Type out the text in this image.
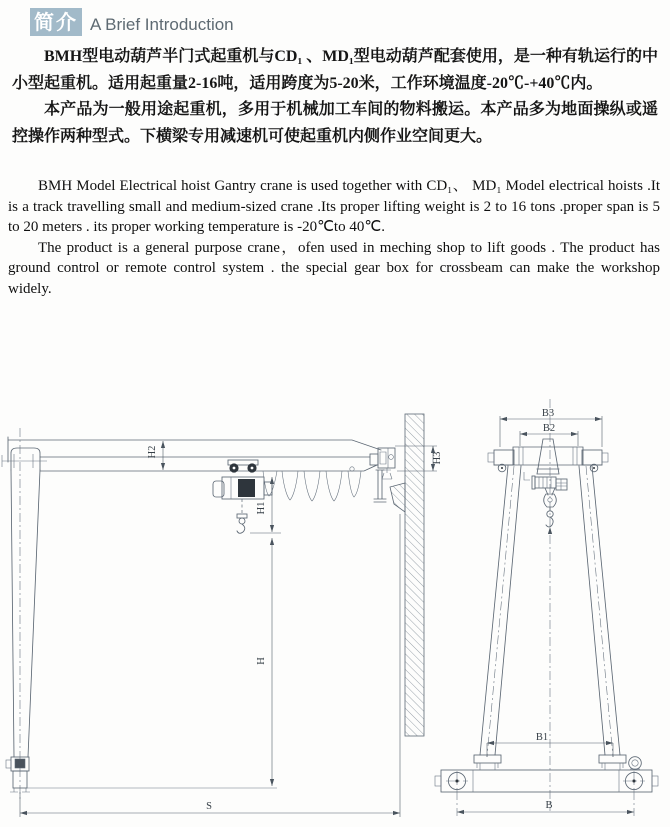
简介 A Brief Introduction

BMH型电动葫芦半门式起重机与CD₁ 、MD₁型电动葫芦配套使用，是一种有轨运行的中小型起重机。适用起重量2-16吨，适用跨度为5-20米，工作环境温度-20℃-+40℃内。

本产品为一般用途起重机，多用于机械加工车间的物料搬运。本产品多为地面操纵或遥控操作两种型式。下横梁专用减速机可使起重机内侧作业空间更大。

BMH Model Electrical hoist Gantry crane is used together with CD₁、 MD₁ Model electrical hoists .It is a track travelling small and medium-sized crane .Its proper lifting weight is 2 to 16 tons .proper span is 5 to 20 meters . its proper working temperature is -20℃to 40℃.

The product is a general purpose crane，ofen used in meching shop to lift goods . The product has ground control or remote control system . the special gear box for crossbeam can make the workshop widely.

H2	H3
H1
H
S
B3
B2
B1
B
